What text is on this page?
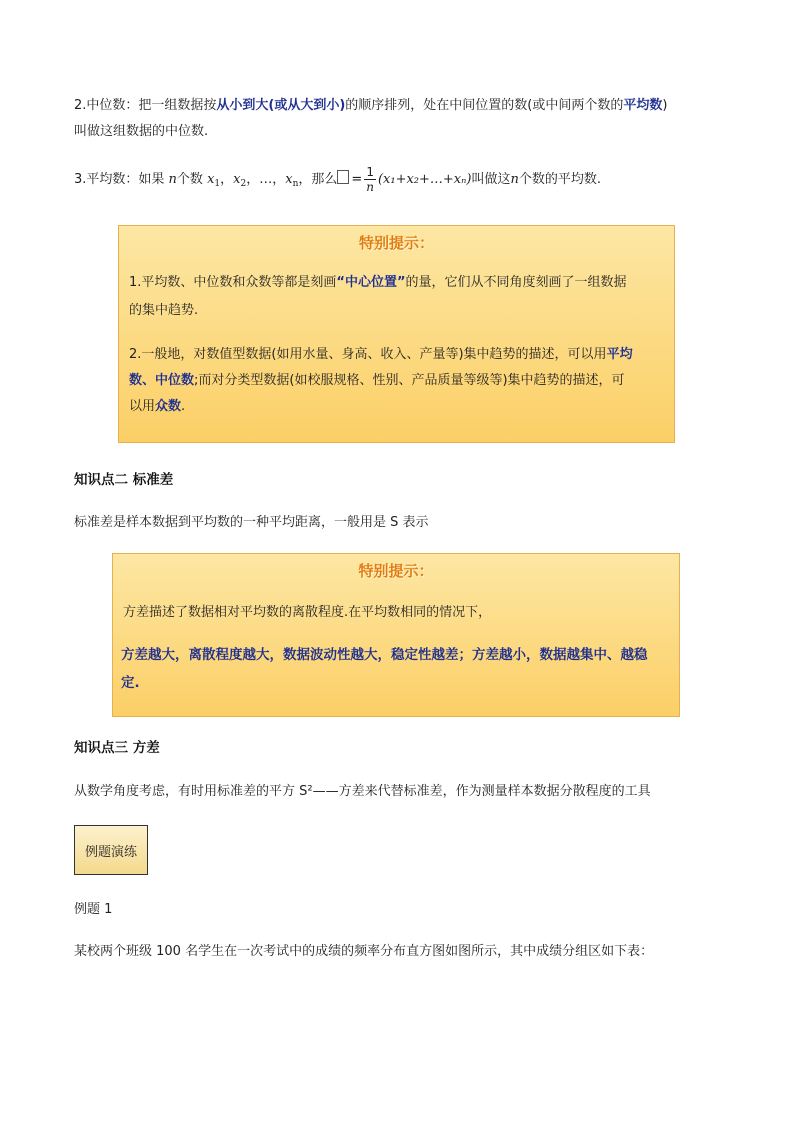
2.中位数：把一组数据按从小到大(或从大到小)的顺序排列，处在中间位置的数(或中间两个数的平均数)
叫做这组数据的中位数.
3.平均数：如果 n个数 $x_1$，$x_2$，…，$x_n$，那么 = $\frac{1}{n}$ (x₁+x₂+…+xₙ)叫做这n个数的平均数.
特别提示：
1.平均数、中位数和众数等都是刻画“中心位置”的量，它们从不同角度刻画了一组数据
的集中趋势.
2.一般地，对数值型数据(如用水量、身高、收入、产量等)集中趋势的描述，可以用平均
数、中位数;而对分类型数据(如校服规格、性别、产品质量等级等)集中趋势的描述，可
以用众数.
知识点二 标准差
标准差是样本数据到平均数的一种平均距离，一般用是 S 表示
特别提示：
方差描述了数据相对平均数的离散程度.在平均数相同的情况下，
方差越大，离散程度越大，数据波动性越大，稳定性越差；方差越小，数据越集中、越稳
定.
知识点三 方差
从数学角度考虑，有时用标准差的平方 S²——方差来代替标准差，作为测量样本数据分散程度的工具
例题演练
例题 1
某校两个班级 100 名学生在一次考试中的成绩的频率分布直方图如图所示，其中成绩分组区如下表：
